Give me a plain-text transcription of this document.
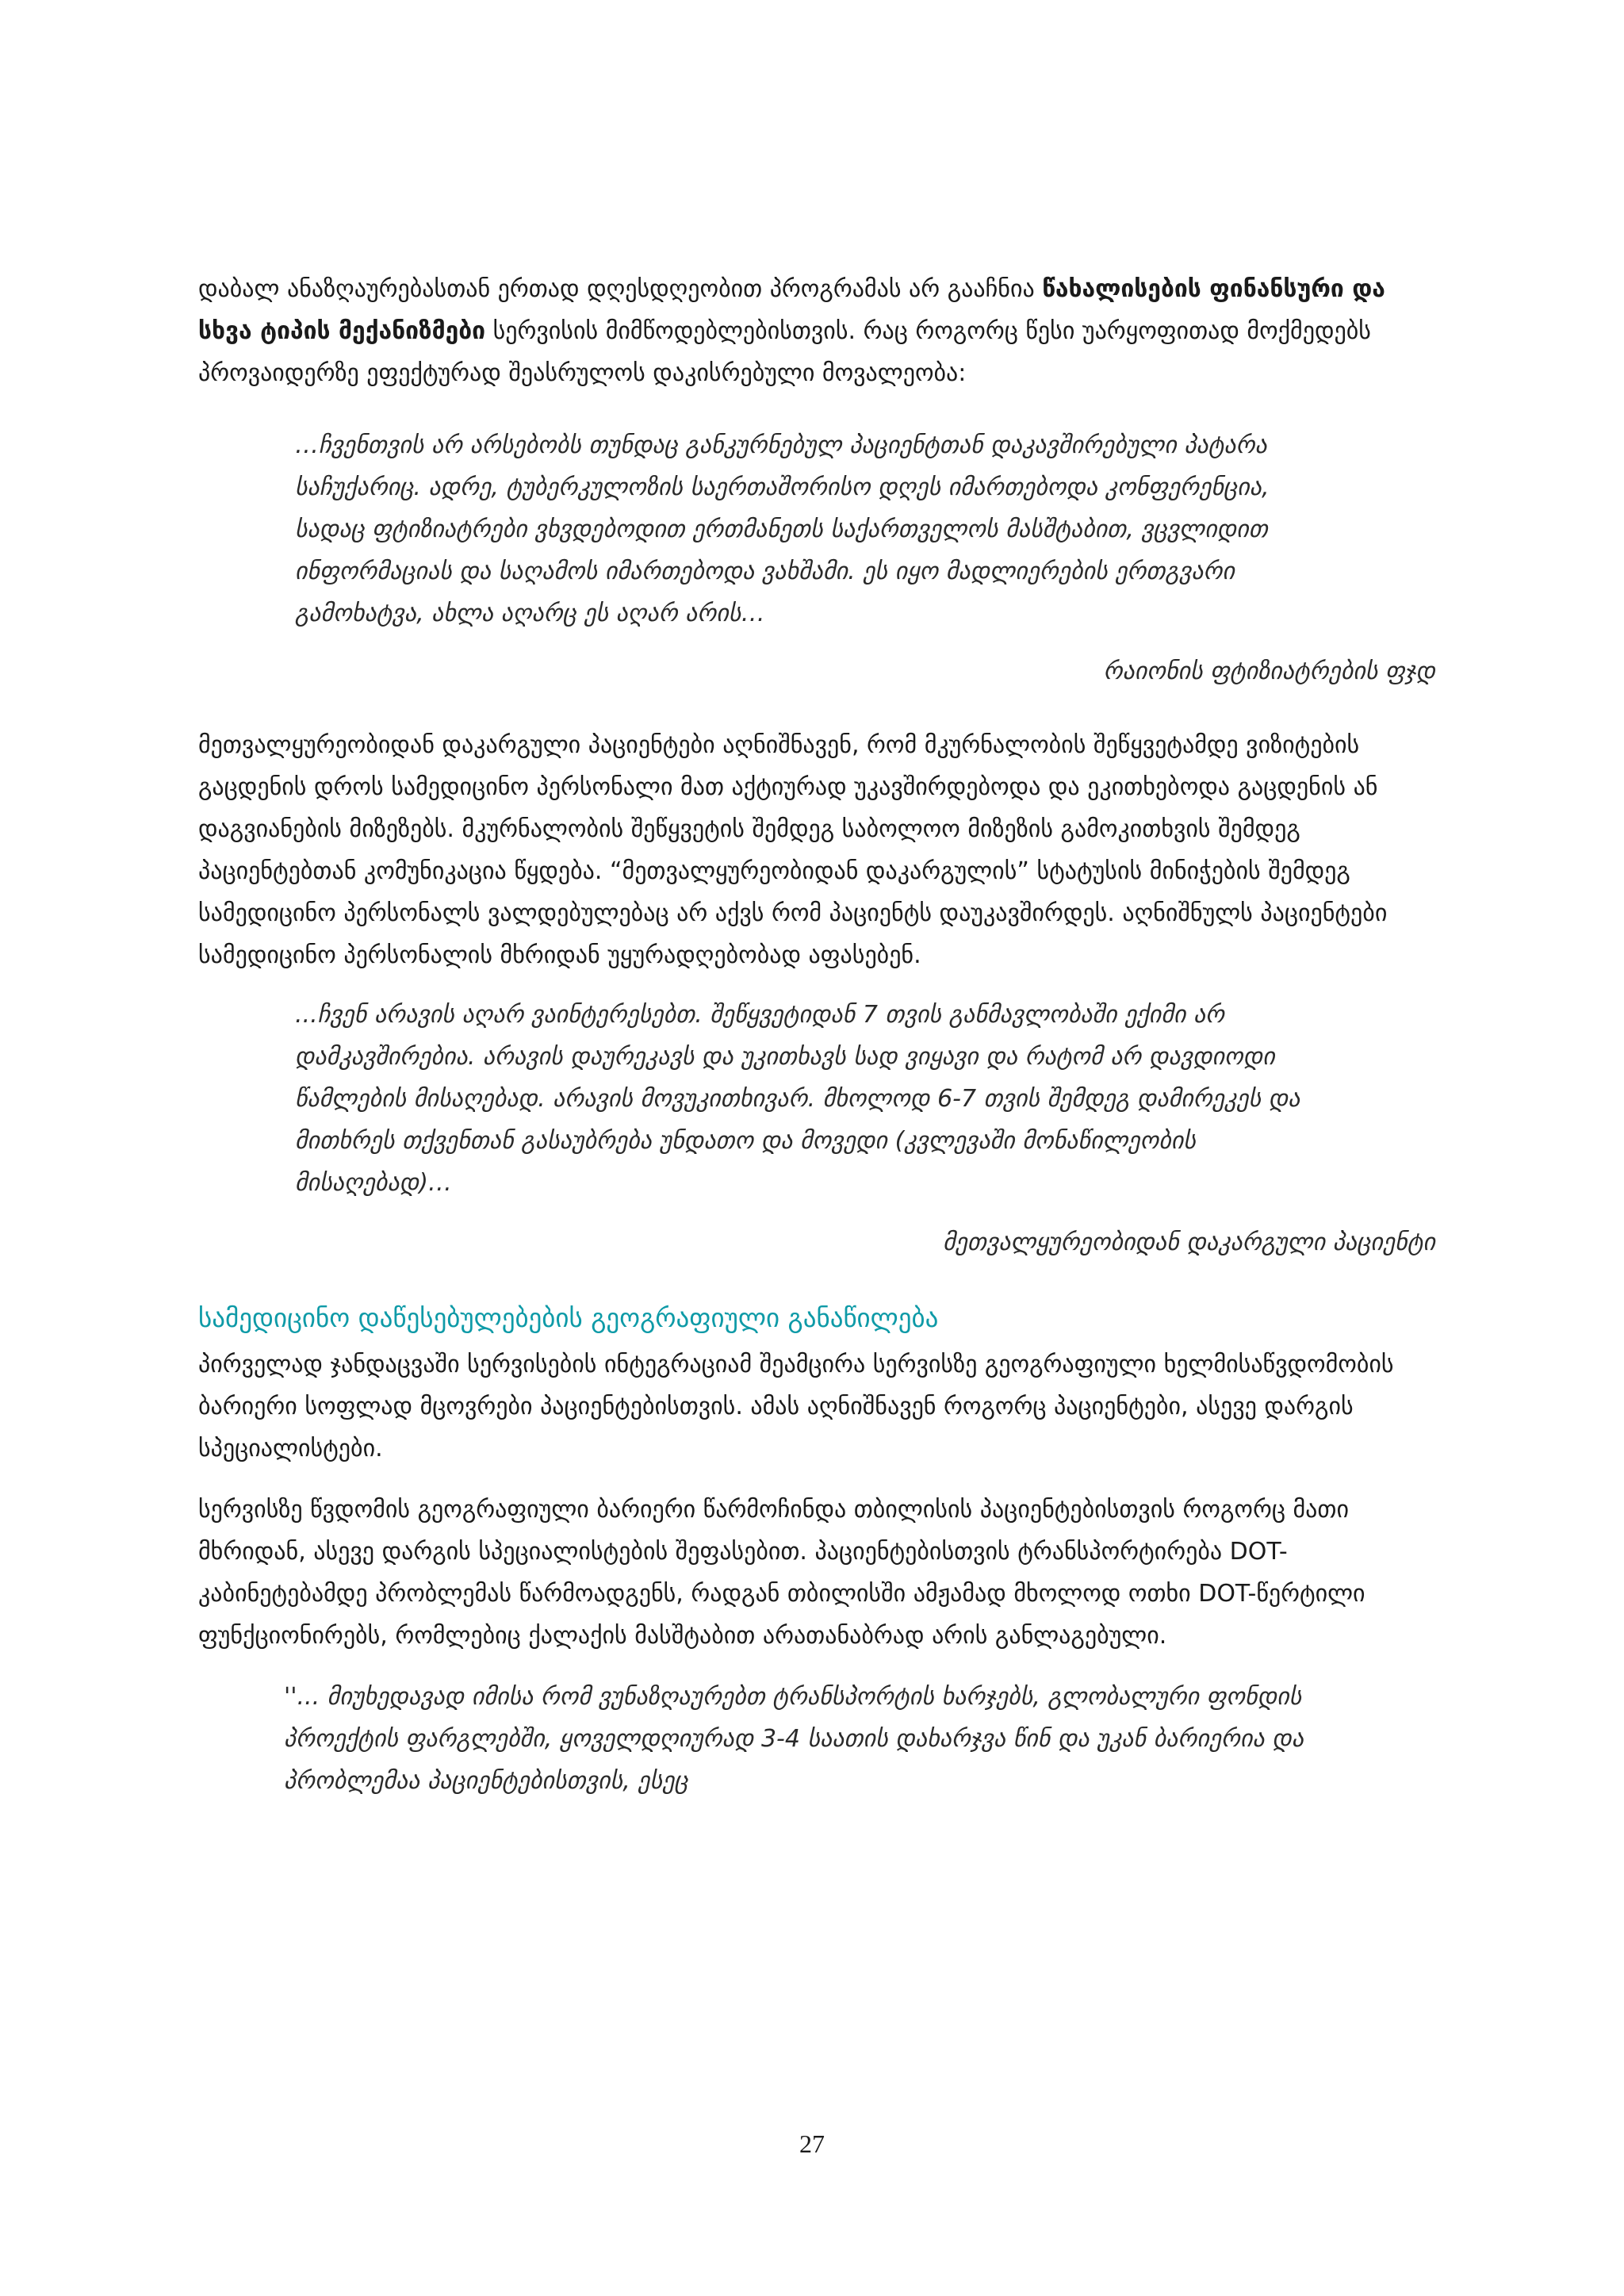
დაბალ ანაზღაურებასთან ერთად დღესდღეობით პროგრამას არ გააჩნია წახალისების ფინანსური და სხვა ტიპის მექანიზმები სერვისის მიმწოდებლებისთვის. რაც როგორც წესი უარყოფითად მოქმედებს პროვაიდერზე ეფექტურად შეასრულოს დაკისრებული მოვალეობა:

…ჩვენთვის არ არსებობს თუნდაც განკურნებულ პაციენტთან დაკავშირებული პატარა საჩუქარიც. ადრე, ტუბერკულოზის საერთაშორისო დღეს იმართებოდა კონფერენცია, სადაც ფტიზიატრები ვხვდებოდით ერთმანეთს საქართველოს მასშტაბით, ვცვლიდით ინფორმაციას და საღამოს იმართებოდა ვახშამი. ეს იყო მადლიერების ერთგვარი გამოხატვა, ახლა აღარც ეს აღარ არის…

რაიონის ფტიზიატრების ფჯდ

მეთვალყურეობიდან დაკარგული პაციენტები აღნიშნავენ, რომ მკურნალობის შეწყვეტამდე ვიზიტების გაცდენის დროს სამედიცინო პერსონალი მათ აქტიურად უკავშირდებოდა და ეკითხებოდა გაცდენის ან დაგვიანების მიზეზებს. მკურნალობის შეწყვეტის შემდეგ საბოლოო მიზეზის გამოკითხვის შემდეგ პაციენტებთან კომუნიკაცია წყდება. “მეთვალყურეობიდან დაკარგულის” სტატუსის მინიჭების შემდეგ სამედიცინო პერსონალს ვალდებულებაც არ აქვს რომ პაციენტს დაუკავშირდეს. აღნიშნულს პაციენტები სამედიცინო პერსონალის მხრიდან უყურადღებობად აფასებენ.

...ჩვენ არავის აღარ ვაინტერესებთ. შეწყვეტიდან 7 თვის განმავლობაში ექიმი არ დამკავშირებია. არავის დაურეკავს და უკითხავს სად ვიყავი და რატომ არ დავდიოდი წამლების მისაღებად. არავის მოვუკითხივარ. მხოლოდ 6-7 თვის შემდეგ დამირეკეს და მითხრეს თქვენთან გასაუბრება უნდათო და მოვედი (კვლევაში მონაწილეობის მისაღებად)…

მეთვალყურეობიდან დაკარგული პაციენტი

სამედიცინო დაწესებულებების გეოგრაფიული განაწილება

პირველად ჯანდაცვაში სერვისების ინტეგრაციამ შეამცირა სერვისზე გეოგრაფიული ხელმისაწვდომობის ბარიერი სოფლად მცოვრები პაციენტებისთვის. ამას აღნიშნავენ როგორც პაციენტები, ასევე დარგის სპეციალისტები.

სერვისზე წვდომის გეოგრაფიული ბარიერი წარმოჩინდა თბილისის პაციენტებისთვის როგორც მათი მხრიდან, ასევე დარგის სპეციალისტების შეფასებით. პაციენტებისთვის ტრანსპორტირება DOT-კაბინეტებამდე პრობლემას წარმოადგენს, რადგან თბილისში ამჟამად მხოლოდ ოთხი DOT-წერტილი ფუნქციონირებს, რომლებიც ქალაქის მასშტაბით არათანაბრად არის განლაგებული.

''... მიუხედავად იმისა რომ ვუნაზღაურებთ ტრანსპორტის ხარჯებს, გლობალური ფონდის პროექტის ფარგლებში, ყოველდღიურად 3-4 საათის დახარჯვა წინ და უკან ბარიერია და პრობლემაა პაციენტებისთვის, ესეც

27
